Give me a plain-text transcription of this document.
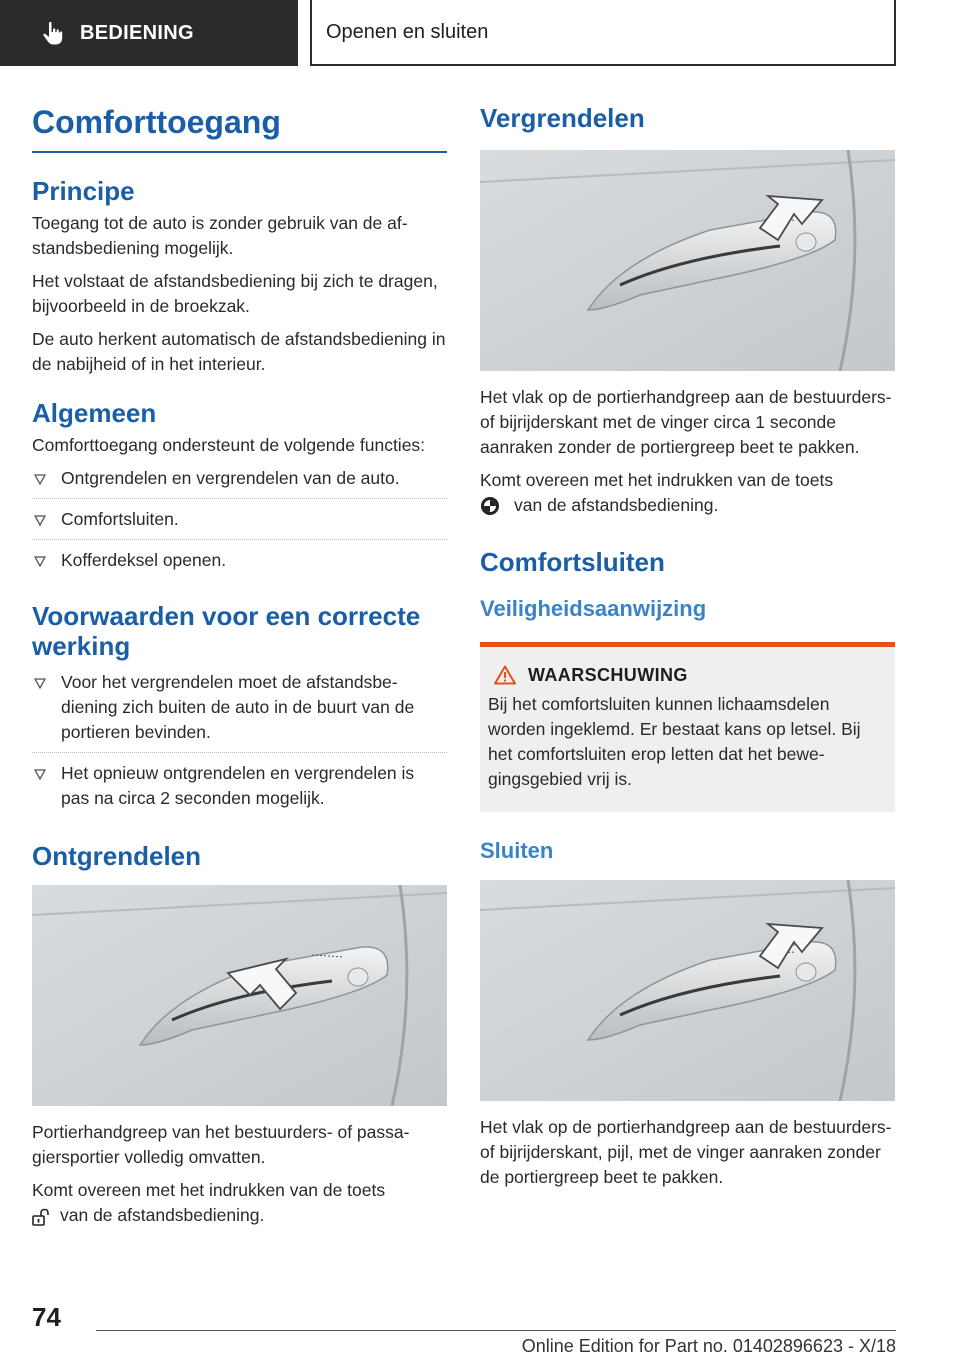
BEDIENING	Openen en sluiten
Comforttoegang
Principe

Toegang tot de auto is zonder gebruik van de afstandsbediening mogelijk.

Het volstaat de afstandsbediening bij zich te dragen, bijvoorbeeld in de broekzak.

De auto herkent automatisch de afstandsbediening in de nabijheid of in het interieur.

Algemeen

Comforttoegang ondersteunt de volgende functies:

Ontgrendelen en vergrendelen van de auto.
Comfortsluiten.
Kofferdeksel openen.
Voorwaarden voor een correcte werking
Voor het vergrendelen moet de afstandsbediening zich buiten de auto in de buurt van de portieren bevinden.
Het opnieuw ontgrendelen en vergrendelen is pas na circa 2 seconden mogelijk.
Ontgrendelen

Portierhandgreep van het bestuurders- of passagiersportier volledig omvatten.

Komt overeen met het indrukken van de toets
van de afstandsbediening.

Vergrendelen

Het vlak op de portierhandgreep aan de bestuurders- of bijrijderskant met de vinger circa 1 seconde aanraken zonder de portiergreep beet te pakken.

Komt overeen met het indrukken van de toets
van de afstandsbediening.

Comfortsluiten
Veiligheidsaanwijzing
WAARSCHUWING

Bij het comfortsluiten kunnen lichaamsdelen worden ingeklemd. Er bestaat kans op letsel. Bij het comfortsluiten erop letten dat het bewegingsgebied vrij is.

Sluiten

Het vlak op de portierhandgreep aan de bestuurders- of bijrijderskant, pijl, met de vinger aanraken zonder de portiergreep beet te pakken.

74
Online Edition for Part no. 01402896623 - X/18
